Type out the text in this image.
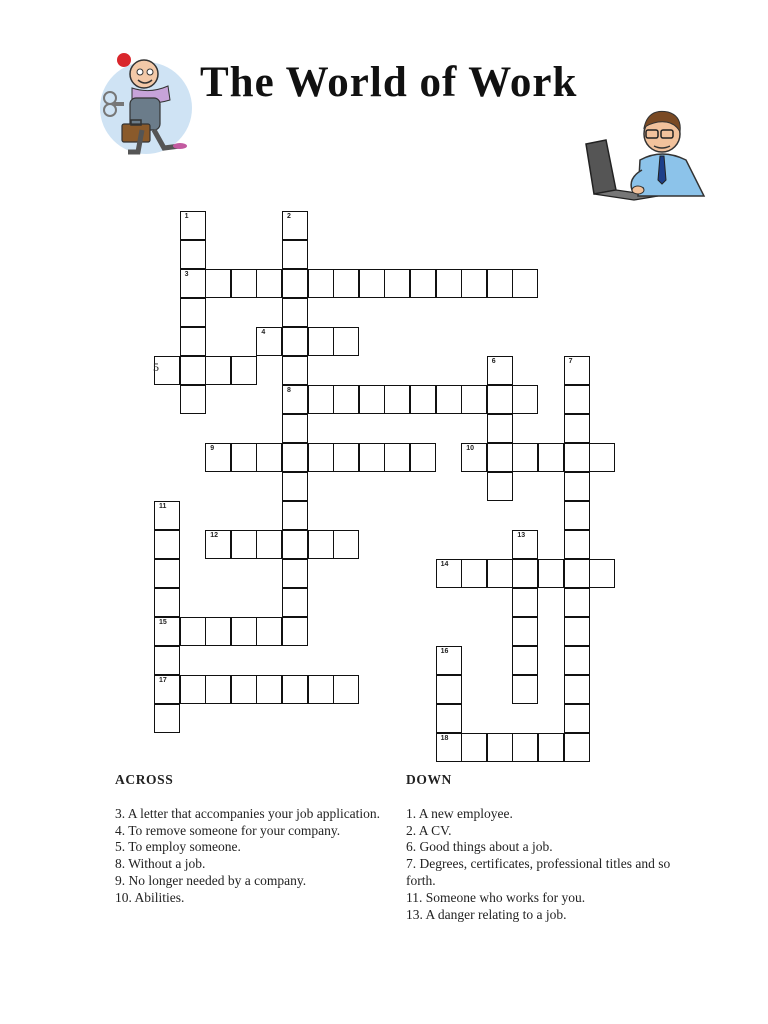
The World of Work
1	2
3
4
5	6	7
8
9	10
11
12	13
14
15
16
17
18
ACROSS

3. A letter that accompanies your job application.

4. To remove someone for your company.

5. To employ someone.

8. Without a job.

9. No longer needed by a company.

10. Abilities.

DOWN

1. A new employee.

2. A CV.

6. Good things about a job.

7. Degrees, certificates, professional titles and so forth.

11. Someone who works for you.

13. A danger relating to a job.
